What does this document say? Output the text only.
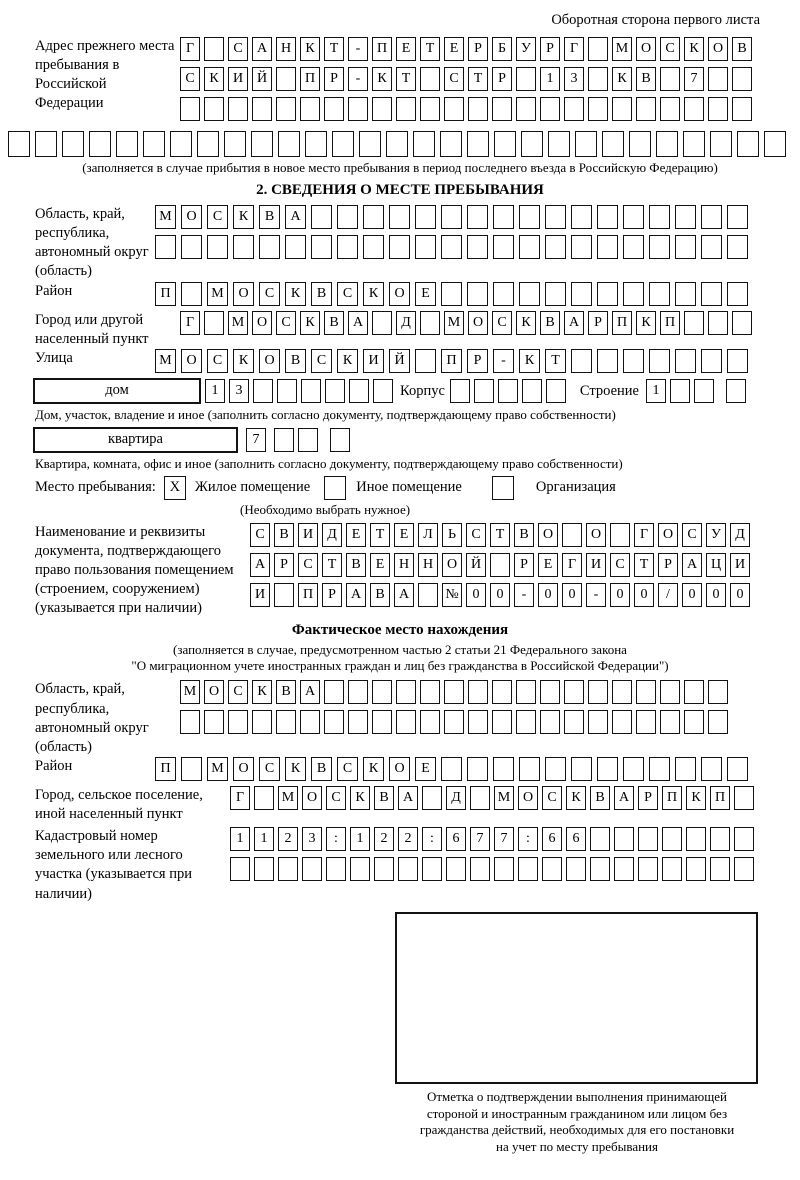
Оборотная сторона первого листа
Адрес прежнего места пребывания в Российской Федерации
Г	С	А Н	К	Т	-	П	Е	Т	Е	Р	Б	У	Р	Г	М О	С	К	О	В
С	К	И Й	П	Р	-	К	Т	С	Т	Р	1	3	К	В	7
(заполняется в случае прибытия в новое место пребывания в период последнего въезда в Российскую Федерацию)
2. СВЕДЕНИЯ О МЕСТЕ ПРЕБЫВАНИЯ
Область, край, республика, автономный округ (область)
М	О	С	К	В	А
Район	П	М	О	С	К	В	С	К	О	Е
Город или другой населенный пункт
Г	М О	С	К	В	А	Д	М О	С	К	В	А	Р	П	К	П
Улица	М	О	С	К	О	В	С	К	И	Й	П	Р	-	К	Т
дом	1	3	Корпус	Строение 1
Дом, участок, владение и иное (заполнить согласно документу, подтверждающему право собственности)
квартира	7
Квартира, комната, офис и иное (заполнить согласно документу, подтверждающему право собственности)
Место пребывания: X	Жилое помещение	Иное помещение	Организация
(Необходимо выбрать нужное)
Наименование и реквизиты документа, подтверждающего право пользования помещением (строением, сооружением) (указывается при наличии)
С	В	И	Д	Е	Т	Е	Л	Ь	С	Т	В	О	О	Г	О	С	У	Д
А	Р	С	Т	В	Е	Н Н О Й	Р	Е	Г	И	С	Т	Р	А Ц И
И	П	Р	А	В	А	№ 0	0	-	0	0	-	0	0	/	0	0	0
Фактическое место нахождения
(заполняется в случае, предусмотренном частью 2 статьи 21 Федерального закона
"О миграционном учете иностранных граждан и лиц без гражданства в Российской Федерации")
Область, край, республика, автономный округ (область)
М О	С	К	В	А
Район	П	М	О	С	К	В	С	К	О	Е
Город, сельское поселение, иной населенный пункт
Г	М О	С	К	В	А	Д	М О	С	К	В	А	Р	П	К	П
Кадастровый номер земельного или лесного участка (указывается при наличии)
1	1	2	3	:	1	2	2	:	6	7	7	:	6	6
Отметка о подтверждении выполнения принимающей
стороной и иностранным гражданином или лицом без
гражданства действий, необходимых для его постановки
на учет по месту пребывания
